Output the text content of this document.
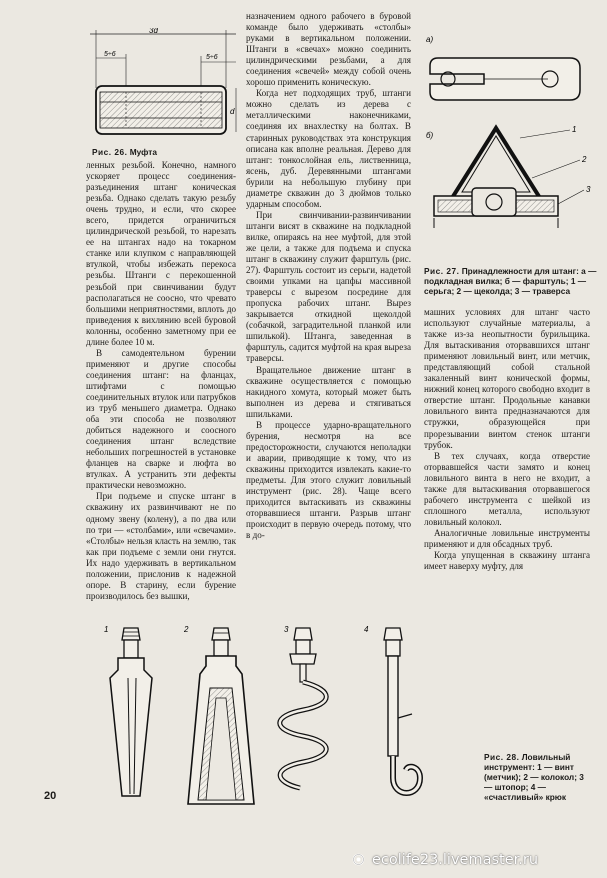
3d
5÷6	5÷6
d
Рис. 26. Муфта

ленных резьбой. Конечно, намного ускоряет процесс соединения-разъединения штанг коническая резьба. Однако сделать такую резьбу очень трудно, и если, что скорее всего, придется ограничиться цилиндрической резьбой, то нарезать ее на штангах надо на токарном станке или клупком с направляющей втулкой, чтобы избежать перекоса резьбы. Штанги с перекошенной резьбой при свинчивании будут располагаться не соосно, что чревато большими неприятностями, вплоть до приведения к вихлянию всей буровой колонны, особенно заметному при ее длине более 10 м.

В самодеятельном бурении применяют и другие способы соединения штанг: на фланцах, штифтами с помощью соединительных втулок или патрубков из труб меньшего диаметра. Однако оба эти способа не позволяют добиться надежного и соосного соединения штанг вследствие небольших погрешностей в установке фланцев на сварке и люфта во втулках. А устранить эти дефекты практически невозможно.

При подъеме и спуске штанг в скважину их развинчивают не по одному звену (колену), а по два или по три — «столбами», или «свечами». «Столбы» нельзя класть на землю, так как при подъеме с земли они гнутся. Их надо удерживать в вертикальном положении, прислонив к надежной опоре. В старину, если бурение производилось без вышки,

назначением одного рабочего в буровой команде было удерживать «столбы» руками в вертикальном положении. Штанги в «свечах» можно соединить цилиндрическими резьбами, а для соединения «свечей» между собой очень хорошо применить коническую.

Когда нет подходящих труб, штанги можно сделать из дерева с металлическими наконечниками, соединяя их внахлестку на болтах. В старинных руководствах эта конструкция описана как вполне реальная. Дерево для штанг: тонкослойная ель, лиственница, ясень, дуб. Деревянными штангами бурили на небольшую глубину при диаметре скважин до 3 дюймов только ударным способом.

При свинчивании-развинчивании штанги висят в скважине на подкладной вилке, опираясь на нее муфтой, для этой же цели, а также для подъема и спуска штанг в скважину служит фарштуль (рис. 27). Фарштуль состоит из серьги, надетой своими упками на цапфы массивной траверсы с вырезом посредине для пропуска рабочих штанг. Вырез закрывается откидной щеколдой (собачкой, заградительной планкой или шпилькой). Штанга, заведенная в фарштуль, садится муфтой на края выреза траверсы.

Вращательное движение штанг в скважине осуществляется с помощью накидного хомута, который может быть выполнен из дерева и стягиваться шпильками.

В процессе ударно-вращательного бурения, несмотря на все предосторожности, случаются неполадки и аварии, приводящие к тому, что из скважины приходится извлекать какие-то предметы. Для этого служит ловильный инструмент (рис. 28). Чаще всего приходится вытаскивать из скважины оторвавшиеся штанги. Разрыв штанг происходит в первую очередь потому, что в до-

а)
б)
1
2
3
Рис. 27. Принадлежности для штанг: а — подкладная вилка; б — фарштуль; 1 — серьга; 2 — щеколда; 3 — траверса

машних условиях для штанг часто используют случайные материалы, а также из-за неопытности бурильщика. Для вытаскивания оторвавшихся штанг применяют ловильный винт, или метчик, представляющий собой стальной закаленный винт конической формы, нижний конец которого свободно входит в отверстие штанг. Продольные канавки ловильного винта предназначаются для стружки, образующейся при прорезывании винтом стенок штанги трубок.

В тех случаях, когда отверстие оторвавшейся части замято и конец ловильного винта в него не входит, а также для вытаскивания оторвавшегося рабочего инструмента с шейкой из сплошного металла, используют ловильный колокол.

Аналогичные ловильные инструменты применяют и для обсадных труб.

Когда упущенная в скважину штанга имеет наверху муфту, для

1	2	3	4
Рис. 28. Ловильный инструмент: 1 — винт (метчик); 2 — колокол; 3 — штопор; 4 — «счастливый» крюк
20
ecolife23.livemaster.ru
